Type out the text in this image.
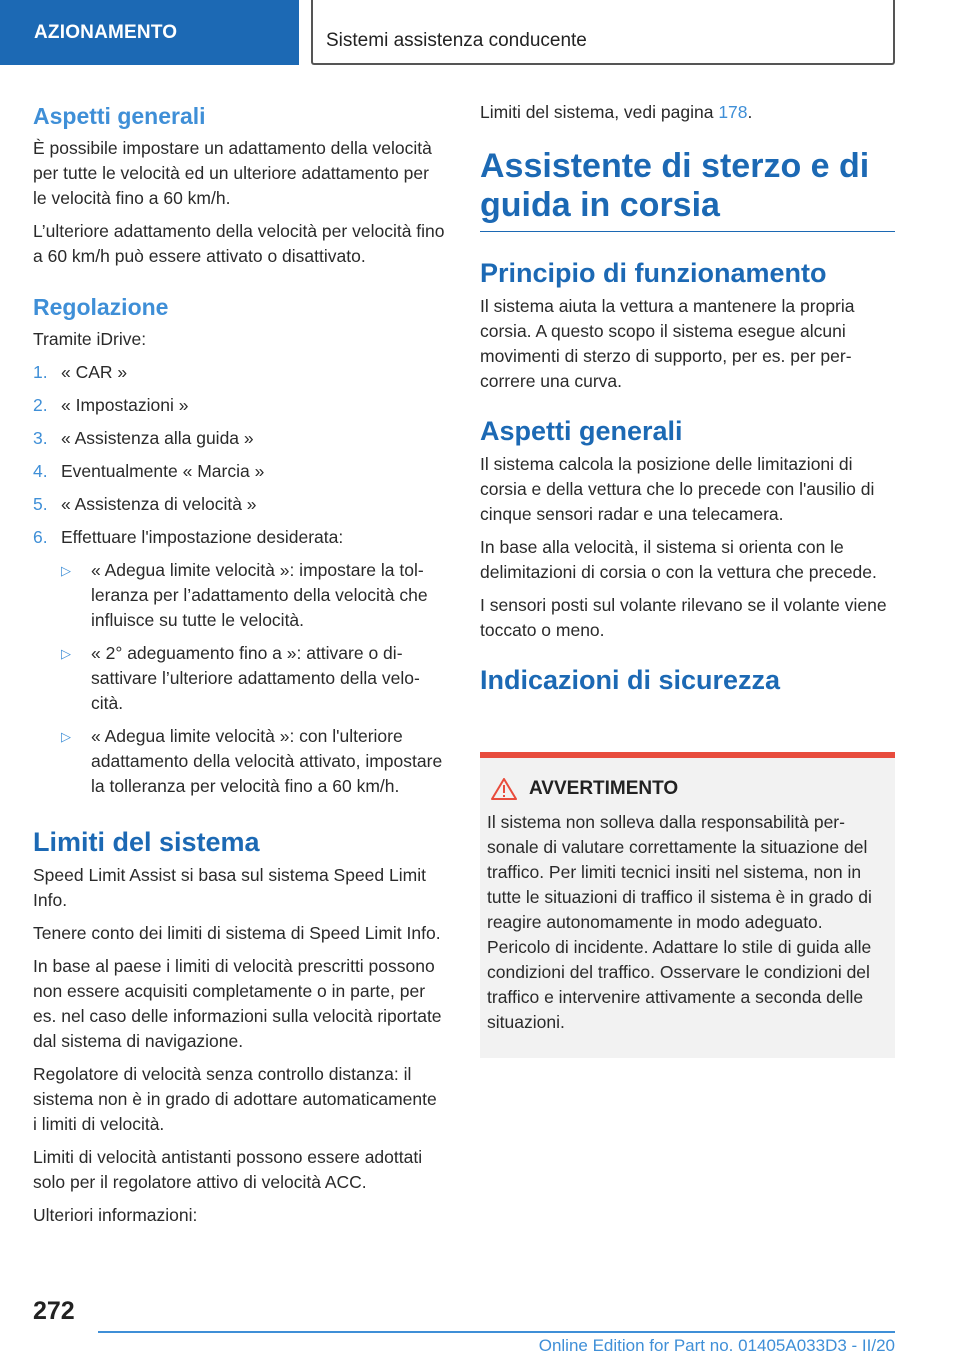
AZIONAMENTO	Sistemi assistenza conducente
Aspetti generali

È possibile impostare un adattamento della velocità per tutte le velocità ed un ulteriore adattamento per le velocità fino a 60 km/h.

L’ulteriore adattamento della velocità per velocità fino a 60 km/h può essere attivato o disattivato.

Regolazione

Tramite iDrive:

1. « CAR »
2. « Impostazioni »
3. « Assistenza alla guida »
4. Eventualmente « Marcia »
5. « Assistenza di velocità »
6. Effettuare l'impostazione desiderata:
▷ « Adegua limite velocità »: impostare la tolleranza per l’adattamento della velocità che influisce su tutte le velocità.
▷ « 2° adeguamento fino a »: attivare o disattivare l’ulteriore adattamento della velocità.
▷ « Adegua limite velocità »: con l'ulteriore adattamento della velocità attivato, impostare la tolleranza per velocità fino a 60 km/h.
Limiti del sistema

Speed Limit Assist si basa sul sistema Speed Limit Info.

Tenere conto dei limiti di sistema di Speed Limit Info.

In base al paese i limiti di velocità prescritti possono non essere acquisiti completamente o in parte, per es. nel caso delle informazioni sulla velocità riportate dal sistema di navigazione.

Regolatore di velocità senza controllo distanza: il sistema non è in grado di adottare automaticamente i limiti di velocità.

Limiti di velocità antistanti possono essere adottati solo per il regolatore attivo di velocità ACC.

Ulteriori informazioni:

Limiti del sistema, vedi pagina 178.

Assistente di sterzo e di guida in corsia
Principio di funzionamento

Il sistema aiuta la vettura a mantenere la propria corsia. A questo scopo il sistema esegue alcuni movimenti di sterzo di supporto, per es. per percorrere una curva.

Aspetti generali

Il sistema calcola la posizione delle limitazioni di corsia e della vettura che lo precede con l'ausilio di cinque sensori radar e una telecamera.

In base alla velocità, il sistema si orienta con le delimitazioni di corsia o con la vettura che precede.

I sensori posti sul volante rilevano se il volante viene toccato o meno.

Indicazioni di sicurezza
AVVERTIMENTO

Il sistema non solleva dalla responsabilità personale di valutare correttamente la situazione del traffico. Per limiti tecnici insiti nel sistema, non in tutte le situazioni di traffico il sistema è in grado di reagire autonomamente in modo adeguato. Pericolo di incidente. Adattare lo stile di guida alle condizioni del traffico. Osservare le condizioni del traffico e intervenire attivamente a seconda delle situazioni.

272
Online Edition for Part no. 01405A033D3 - II/20
